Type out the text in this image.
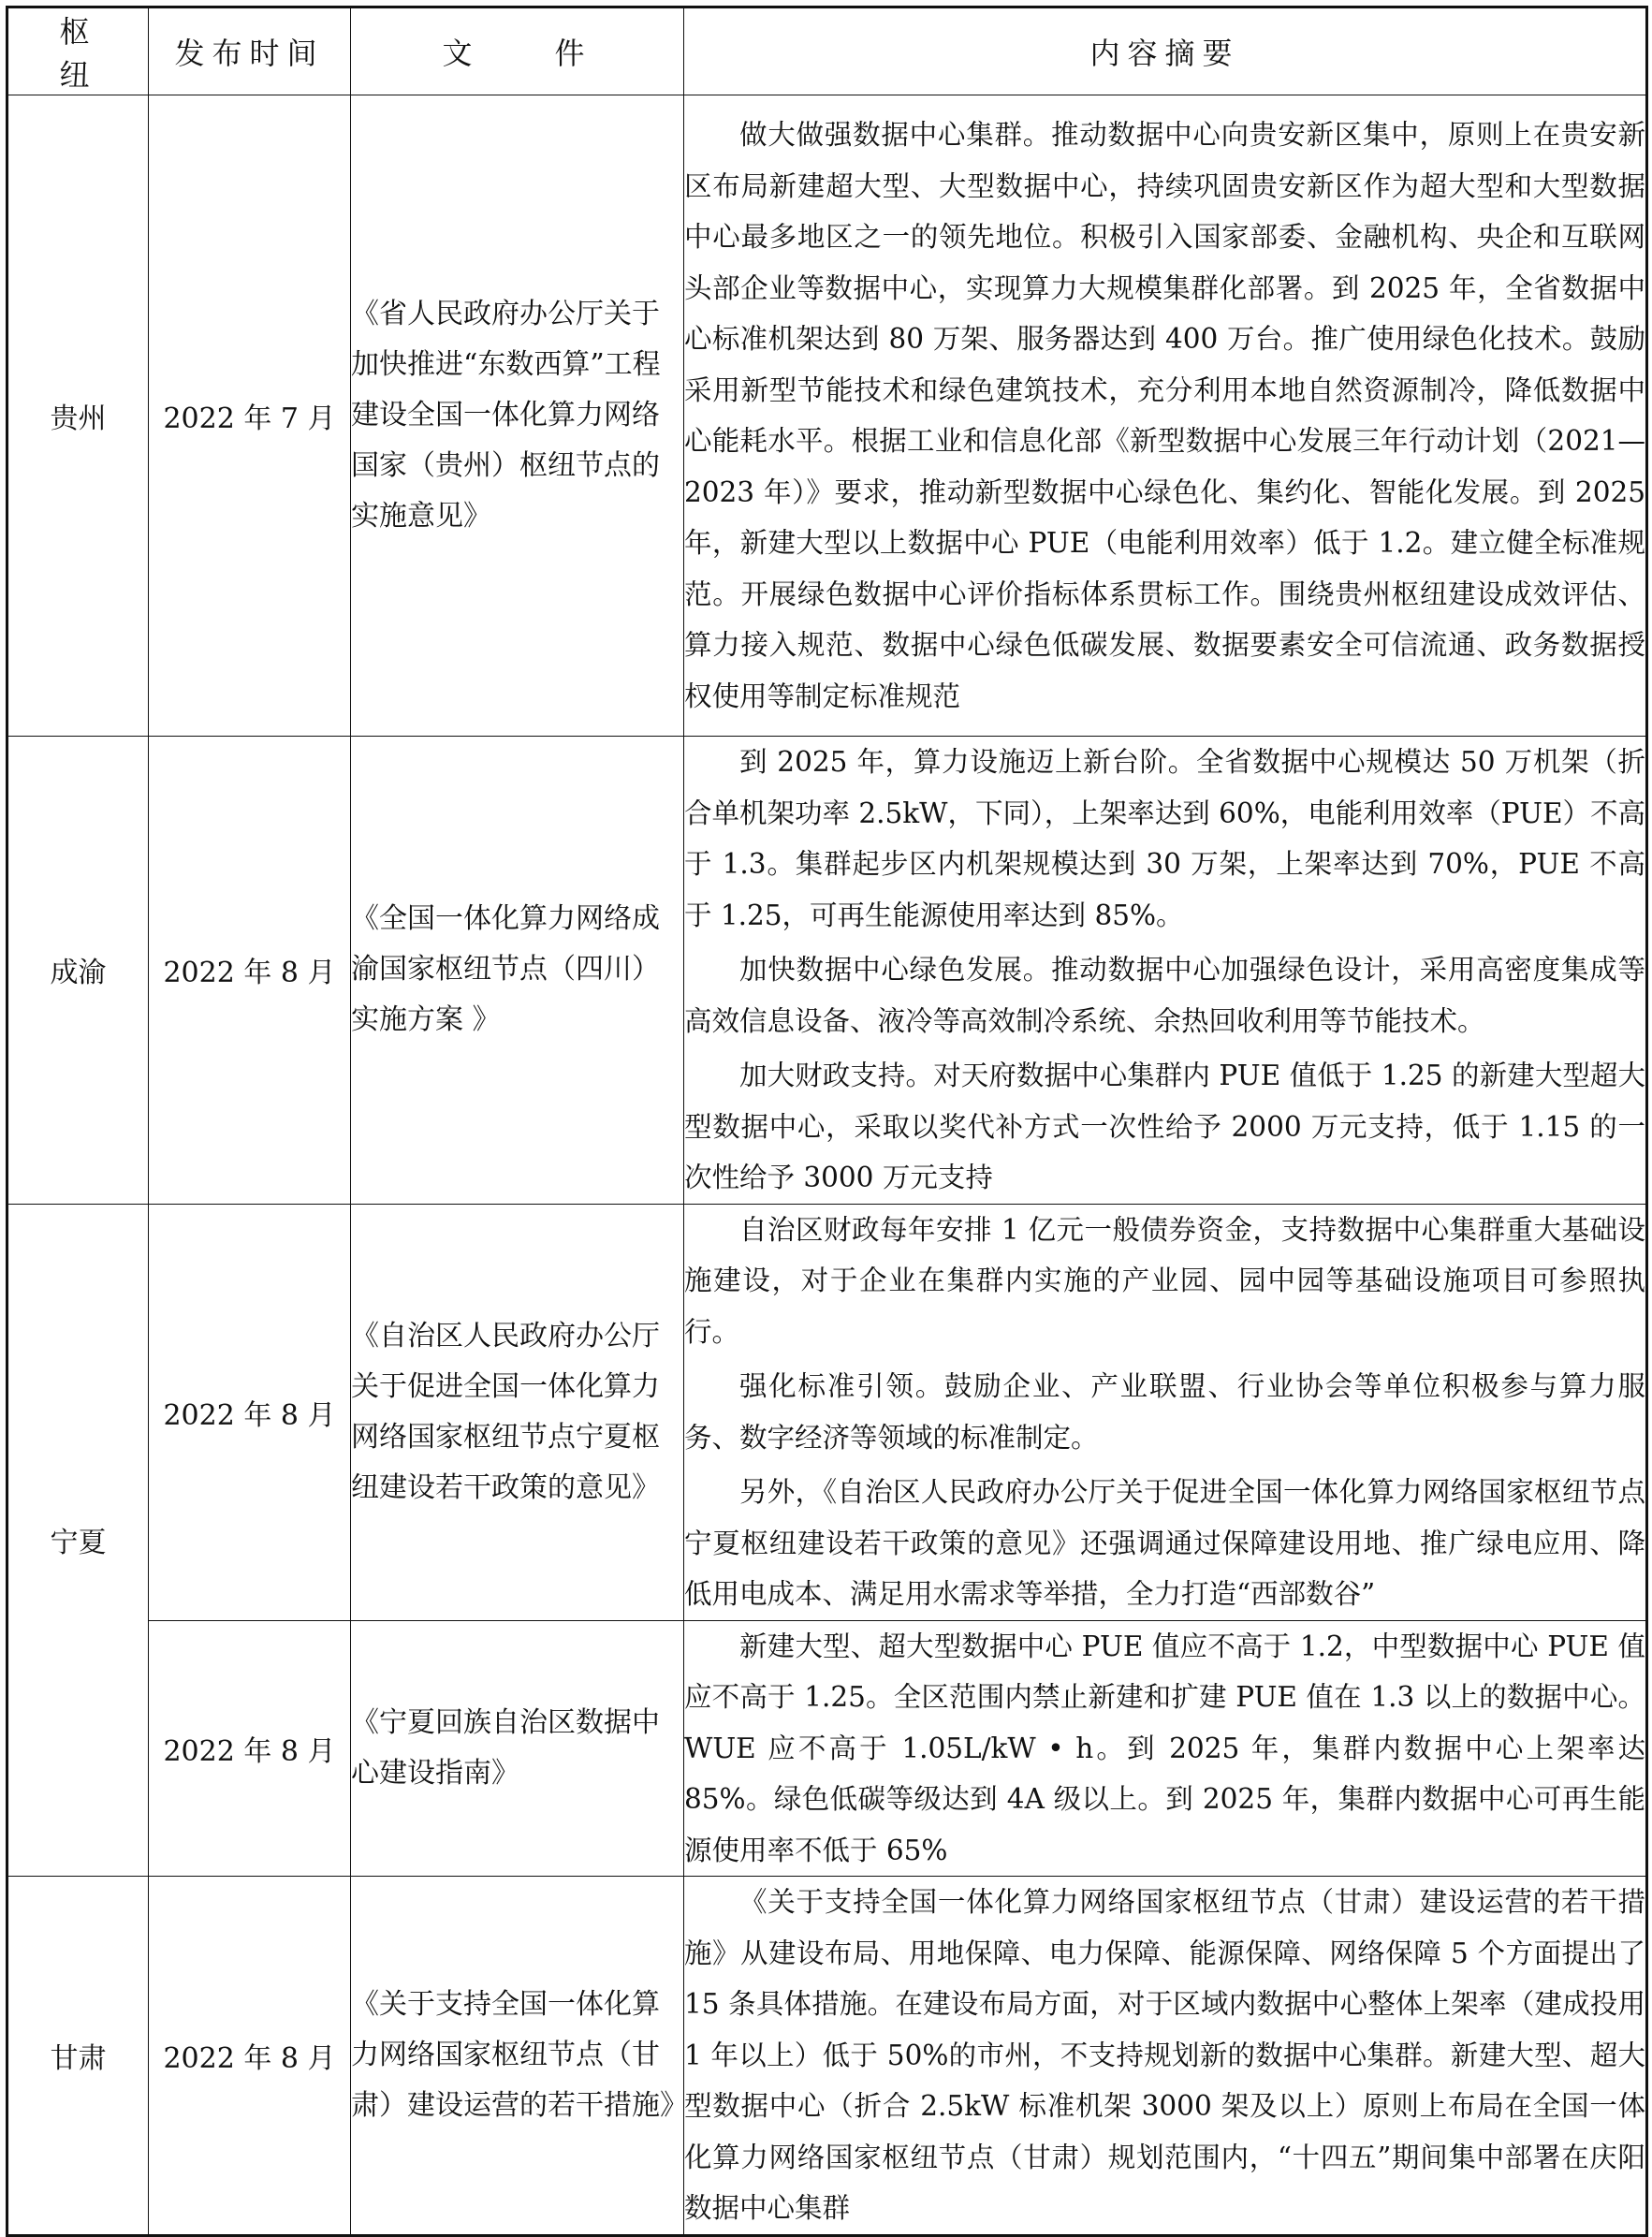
枢　　纽	发布时间	文　　件	内容摘要
贵州	2022 年 7 月	《省人民政府办公厅关于加快推进“东数西算”工程建设全国一体化算力网络国家（贵州）枢纽节点的实施意见》	做大做强数据中心集群。推动数据中心向贵安新区集中，原则上在贵安新区布局新建超大型、大型数据中心，持续巩固贵安新区作为超大型和大型数据中心最多地区之一的领先地位。积极引入国家部委、金融机构、央企和互联网头部企业等数据中心，实现算力大规模集群化部署。到 2025 年，全省数据中心标准机架达到 80 万架、服务器达到 400 万台。推广使用绿色化技术。鼓励采用新型节能技术和绿色建筑技术，充分利用本地自然资源制冷，降低数据中心能耗水平。根据工业和信息化部《新型数据中心发展三年行动计划（2021—2023 年）》要求，推动新型数据中心绿色化、集约化、智能化发展。到 2025 年，新建大型以上数据中心 PUE（电能利用效率）低于 1.2。建立健全标准规范。开展绿色数据中心评价指标体系贯标工作。围绕贵州枢纽建设成效评估、算力接入规范、数据中心绿色低碳发展、数据要素安全可信流通、政务数据授权使用等制定标准规范

成渝	2022 年 8 月	《全国一体化算力网络成渝国家枢纽节点（四川）实施方案 》	到 2025 年，算力设施迈上新台阶。全省数据中心规模达 50 万机架（折合单机架功率 2.5kW，下同），上架率达到 60%，电能利用效率（PUE）不高于 1.3。集群起步区内机架规模达到 30 万架，上架率达到 70%，PUE 不高于 1.25，可再生能源使用率达到 85%。

加快数据中心绿色发展。推动数据中心加强绿色设计，采用高密度集成等高效信息设备、液冷等高效制冷系统、余热回收利用等节能技术。

加大财政支持。对天府数据中心集群内 PUE 值低于 1.25 的新建大型超大型数据中心，采取以奖代补方式一次性给予 2000 万元支持，低于 1.15 的一次性给予 3000 万元支持

宁夏	2022 年 8 月	《自治区人民政府办公厅关于促进全国一体化算力网络国家枢纽节点宁夏枢纽建设若干政策的意见》	自治区财政每年安排 1 亿元一般债券资金，支持数据中心集群重大基础设施建设，对于企业在集群内实施的产业园、园中园等基础设施项目可参照执行。

强化标准引领。鼓励企业、产业联盟、行业协会等单位积极参与算力服务、数字经济等领域的标准制定。

另外，《自治区人民政府办公厅关于促进全国一体化算力网络国家枢纽节点宁夏枢纽建设若干政策的意见》还强调通过保障建设用地、推广绿电应用、降低用电成本、满足用水需求等举措，全力打造“西部数谷”

	2022 年 8 月	《宁夏回族自治区数据中心建设指南》	新建大型、超大型数据中心 PUE 值应不高于 1.2，中型数据中心 PUE 值应不高于 1.25。全区范围内禁止新建和扩建 PUE 值在 1.3 以上的数据中心。WUE 应不高于 1.05L/kW • h。到 2025 年，集群内数据中心上架率达 85%。绿色低碳等级达到 4A 级以上。到 2025 年，集群内数据中心可再生能源使用率不低于 65%

甘肃	2022 年 8 月	《关于支持全国一体化算力网络国家枢纽节点（甘肃）建设运营的若干措施》	《关于支持全国一体化算力网络国家枢纽节点（甘肃）建设运营的若干措施》从建设布局、用地保障、电力保障、能源保障、网络保障 5 个方面提出了 15 条具体措施。在建设布局方面，对于区域内数据中心整体上架率（建成投用 1 年以上）低于 50%的市州，不支持规划新的数据中心集群。新建大型、超大型数据中心（折合 2.5kW 标准机架 3000 架及以上）原则上布局在全国一体化算力网络国家枢纽节点（甘肃）规划范围内，“十四五”期间集中部署在庆阳数据中心集群
